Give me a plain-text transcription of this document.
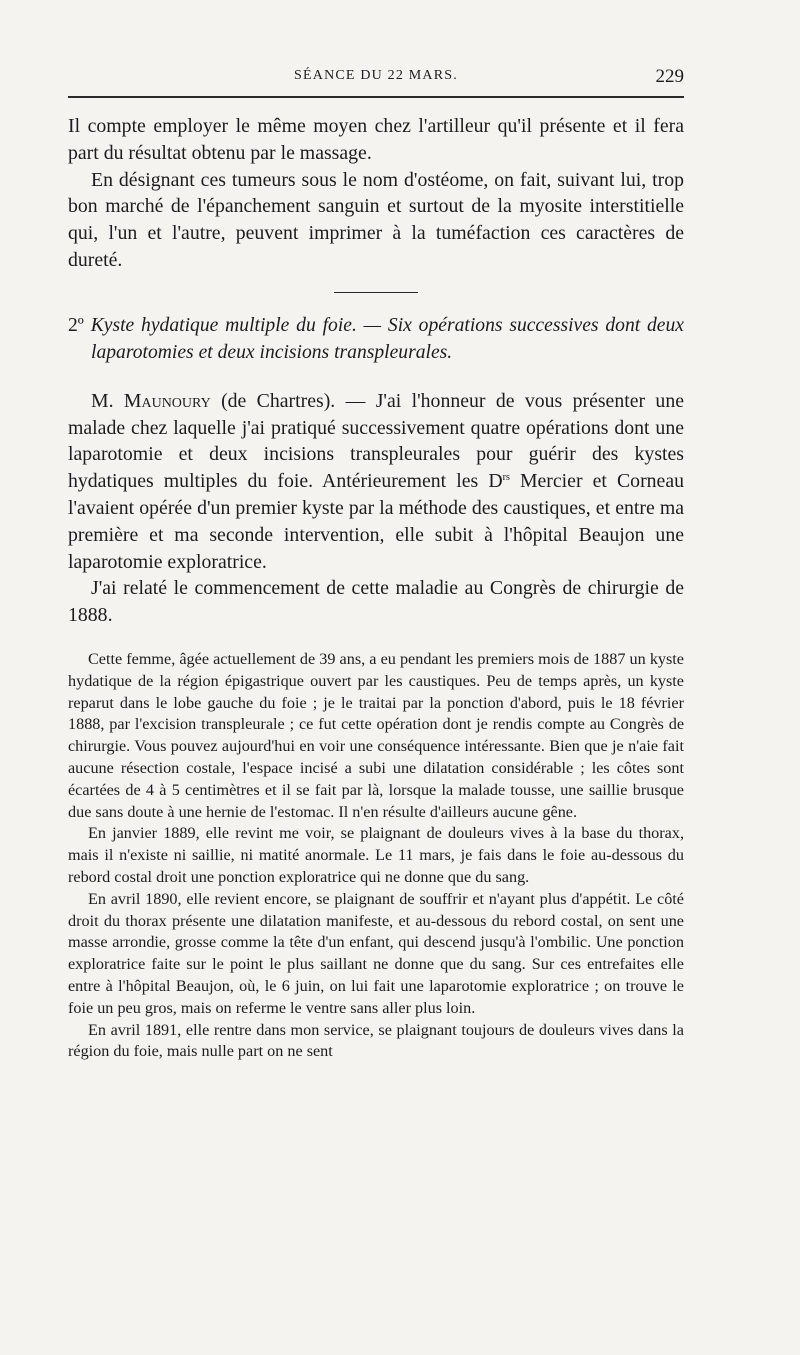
SÉANCE DU 22 MARS.	229

Il compte employer le même moyen chez l'artilleur qu'il présente et il fera part du résultat obtenu par le massage.

En désignant ces tumeurs sous le nom d'ostéome, on fait, suivant lui, trop bon marché de l'épanchement sanguin et surtout de la myosite interstitielle qui, l'un et l'autre, peuvent imprimer à la tuméfaction ces caractères de dureté.

2º Kyste hydatique multiple du foie. — Six opérations successives dont deux laparotomies et deux incisions transpleurales.

M. Maunoury (de Chartres). — J'ai l'honneur de vous présenter une malade chez laquelle j'ai pratiqué successivement quatre opérations dont une laparotomie et deux incisions transpleurales pour guérir des kystes hydatiques multiples du foie. Antérieurement les $D^{rs}$ Mercier et Corneau l'avaient opérée d'un premier kyste par la méthode des caustiques, et entre ma première et ma seconde intervention, elle subit à l'hôpital Beaujon une laparotomie exploratrice.

J'ai relaté le commencement de cette maladie au Congrès de chirurgie de 1888.

Cette femme, âgée actuellement de 39 ans, a eu pendant les premiers mois de 1887 un kyste hydatique de la région épigastrique ouvert par les caustiques. Peu de temps après, un kyste reparut dans le lobe gauche du foie ; je le traitai par la ponction d'abord, puis le 18 février 1888, par l'excision transpleurale ; ce fut cette opération dont je rendis compte au Congrès de chirurgie. Vous pouvez aujourd'hui en voir une conséquence intéressante. Bien que je n'aie fait aucune résection costale, l'espace incisé a subi une dilatation considérable ; les côtes sont écartées de 4 à 5 centimètres et il se fait par là, lorsque la malade tousse, une saillie brusque due sans doute à une hernie de l'estomac. Il n'en résulte d'ailleurs aucune gêne.

En janvier 1889, elle revint me voir, se plaignant de douleurs vives à la base du thorax, mais il n'existe ni saillie, ni matité anormale. Le 11 mars, je fais dans le foie au-dessous du rebord costal droit une ponction exploratrice qui ne donne que du sang.

En avril 1890, elle revient encore, se plaignant de souffrir et n'ayant plus d'appétit. Le côté droit du thorax présente une dilatation manifeste, et au-dessous du rebord costal, on sent une masse arrondie, grosse comme la tête d'un enfant, qui descend jusqu'à l'ombilic. Une ponction exploratrice faite sur le point le plus saillant ne donne que du sang. Sur ces entrefaites elle entre à l'hôpital Beaujon, où, le 6 juin, on lui fait une laparotomie exploratrice ; on trouve le foie un peu gros, mais on referme le ventre sans aller plus loin.

En avril 1891, elle rentre dans mon service, se plaignant toujours de douleurs vives dans la région du foie, mais nulle part on ne sent
